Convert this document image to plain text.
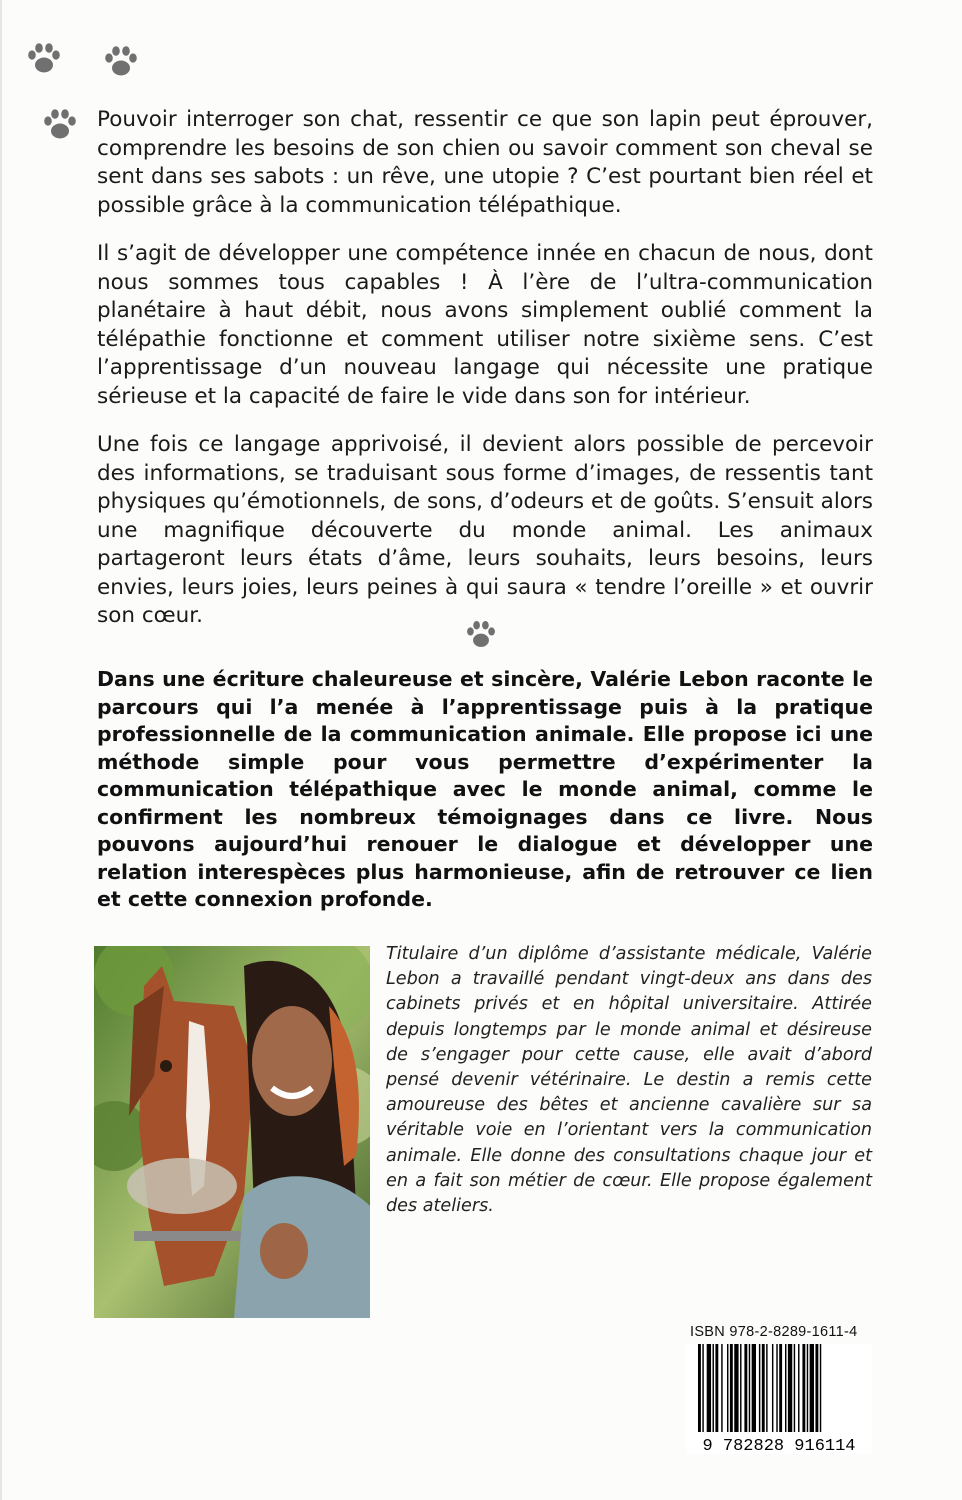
Pouvoir interroger son chat, ressentir ce que son lapin peut éprouver, comprendre les besoins de son chien ou savoir comment son cheval se sent dans ses sabots : un rêve, une utopie ? C’est pourtant bien réel et possible grâce à la communication télépathique.

Il s’agit de développer une compétence innée en chacun de nous, dont nous sommes tous capables ! À l’ère de l’ultra-communication planétaire à haut débit, nous avons simplement oublié comment la télépathie fonctionne et comment utiliser notre sixième sens. C’est l’apprentissage d’un nouveau langage qui nécessite une pratique sérieuse et la capacité de faire le vide dans son for intérieur.

Une fois ce langage apprivoisé, il devient alors possible de percevoir des informations, se traduisant sous forme d’images, de ressentis tant physiques qu’émotionnels, de sons, d’odeurs et de goûts. S’ensuit alors une magnifique découverte du monde animal. Les animaux partageront leurs états d’âme, leurs souhaits, leurs besoins, leurs envies, leurs joies, leurs peines à qui saura « tendre l’oreille » et ouvrir son cœur.

Dans une écriture chaleureuse et sincère, Valérie Lebon raconte le parcours qui l’a menée à l’apprentissage puis à la pratique professionnelle de la communication animale. Elle propose ici une méthode simple pour vous permettre d’expérimenter la communication télépathique avec le monde animal, comme le confirment les nombreux témoignages dans ce livre. Nous pouvons aujourd’hui renouer le dialogue et développer une relation interespèces plus harmonieuse, afin de retrouver ce lien et cette connexion profonde.

Titulaire d’un diplôme d’assistante médicale, Valérie Lebon a travaillé pendant vingt-deux ans dans des cabinets privés et en hôpital universitaire. Attirée depuis longtemps par le monde animal et désireuse de s’engager pour cette cause, elle avait d’abord pensé devenir vétérinaire. Le destin a remis cette amoureuse des bêtes et ancienne cavalière sur sa véritable voie en l’orientant vers la communication animale. Elle donne des consultations chaque jour et en a fait son métier de cœur. Elle propose également des ateliers.

ISBN 978-2-8289-1611-4
9 782828 916114
